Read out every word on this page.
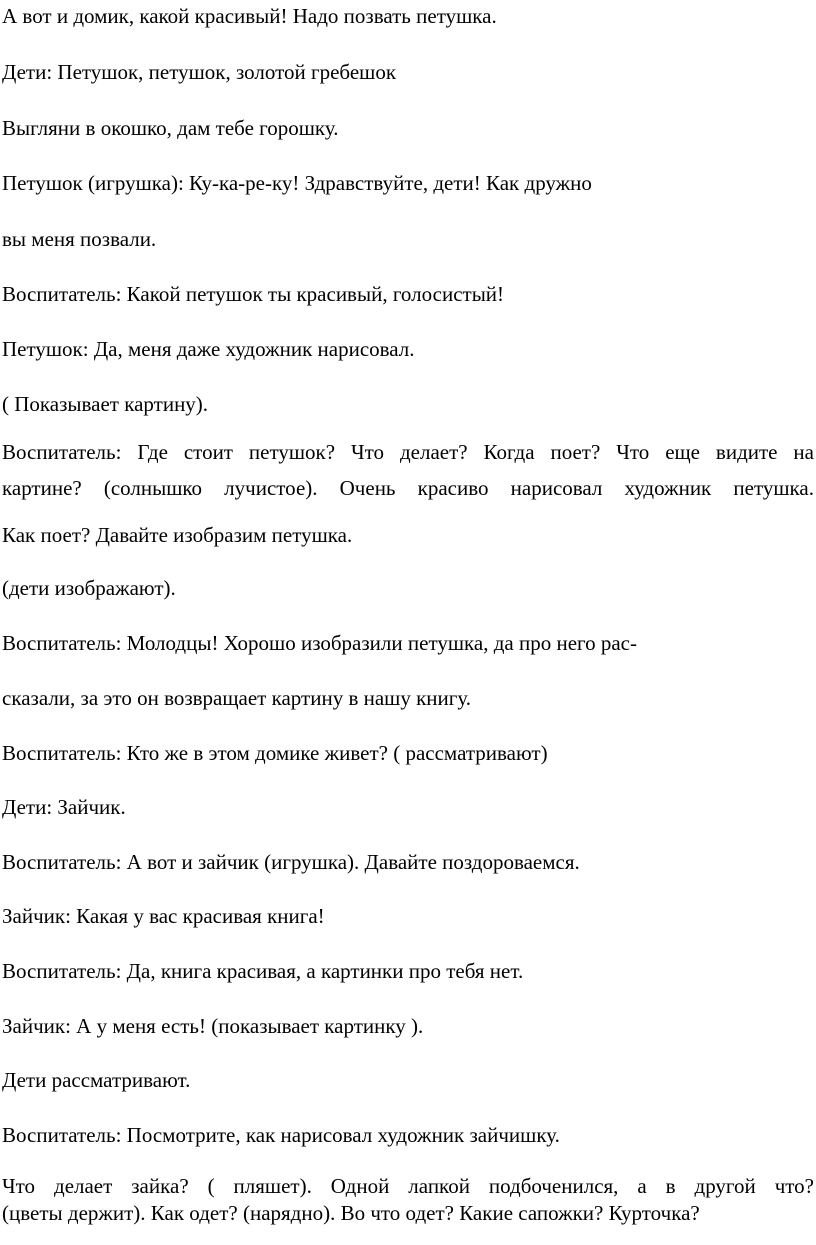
А вот и домик, какой красивый! Надо позвать петушка.

Дети: Петушок, петушок, золотой гребешок

Выгляни в окошко, дам тебе горошку.

Петушок (игрушка): Ку-ка-ре-ку! Здравствуйте, дети! Как дружно

вы меня позвали.

Воспитатель: Какой петушок ты красивый, голосистый!

Петушок: Да, меня даже художник нарисовал.

( Показывает картину).

Воспитатель: Где стоит петушок? Что делает? Когда поет? Что еще видите на

картине? (солнышко лучистое). Очень красиво нарисовал художник петушка.

Как поет? Давайте изобразим петушка.

(дети изображают).

Воспитатель: Молодцы! Хорошо изобразили петушка, да про него рас-

сказали, за это он возвращает картину в нашу книгу.

Воспитатель: Кто же в этом домике живет? ( рассматривают)

Дети: Зайчик.

Воспитатель: А вот и зайчик (игрушка). Давайте поздороваемся.

Зайчик: Какая у вас красивая книга!

Воспитатель: Да, книга красивая, а картинки про тебя нет.

Зайчик: А у меня есть! (показывает картинку ).

Дети рассматривают.

Воспитатель: Посмотрите, как нарисовал художник зайчишку.

Что делает зайка? ( пляшет). Одной лапкой подбоченился, а в другой что?

(цветы держит). Как одет? (нарядно). Во что одет? Какие сапожки? Курточка?
